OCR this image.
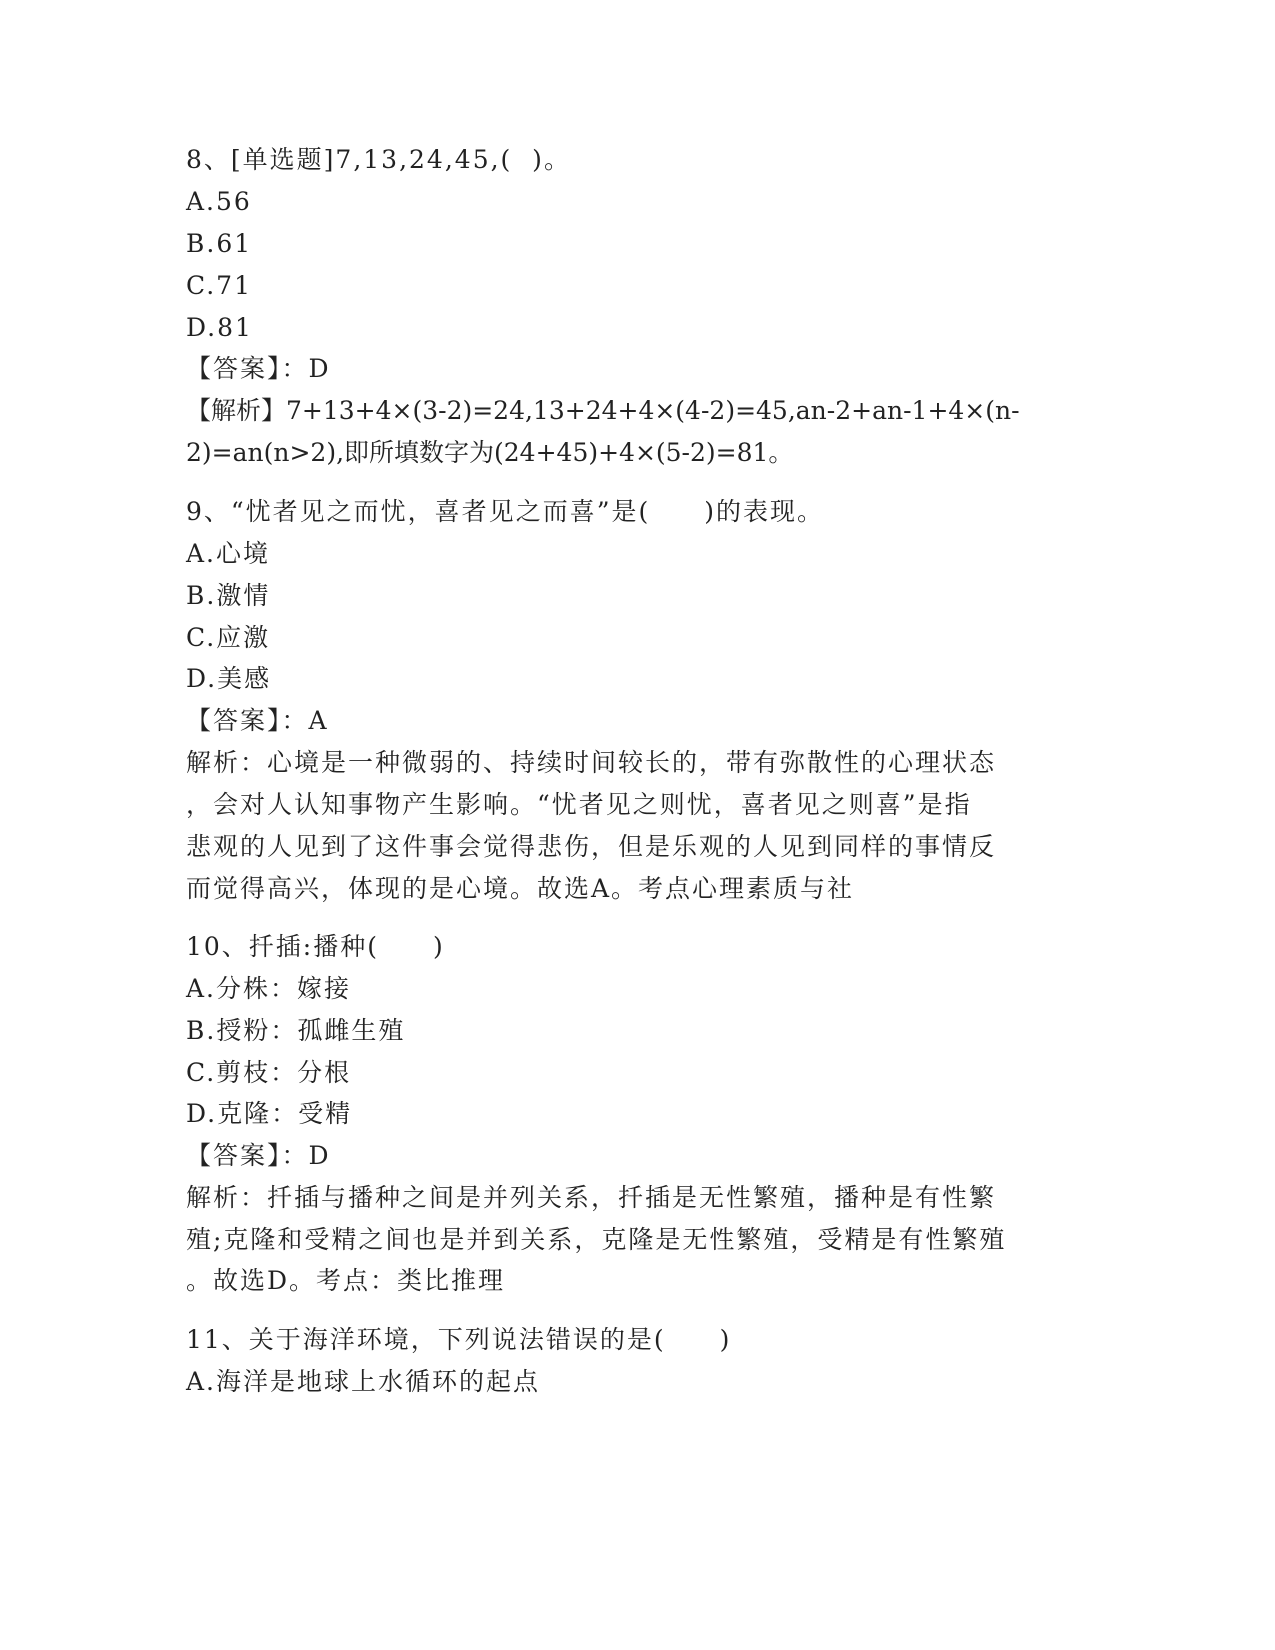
8、[单选题]7,13,24,45,(  )。
A.56
B.61
C.71
D.81
【答案】：D
【解析】7+13+4×(3-2)=24,13+24+4×(4-2)=45,an-2+an-1+4×(n-
2)=an(n>2),即所填数字为(24+45)+4×(5-2)=81。
9、“忧者见之而忧，喜者见之而喜”是(　　)的表现。
A.心境
B.激情
C.应激
D.美感
【答案】：A
解析：心境是一种微弱的、持续时间较长的，带有弥散性的心理状态
，会对人认知事物产生影响。“忧者见之则忧，喜者见之则喜”是指
悲观的人见到了这件事会觉得悲伤，但是乐观的人见到同样的事情反
而觉得高兴，体现的是心境。故选A。考点心理素质与社
10、扦插:播种(　　)
A.分株：嫁接
B.授粉：孤雌生殖
C.剪枝：分根
D.克隆：受精
【答案】：D
解析：扦插与播种之间是并列关系，扦插是无性繁殖，播种是有性繁
殖;克隆和受精之间也是并到关系，克隆是无性繁殖，受精是有性繁殖
。故选D。考点：类比推理
11、关于海洋环境，下列说法错误的是(　　)
A.海洋是地球上水循环的起点
